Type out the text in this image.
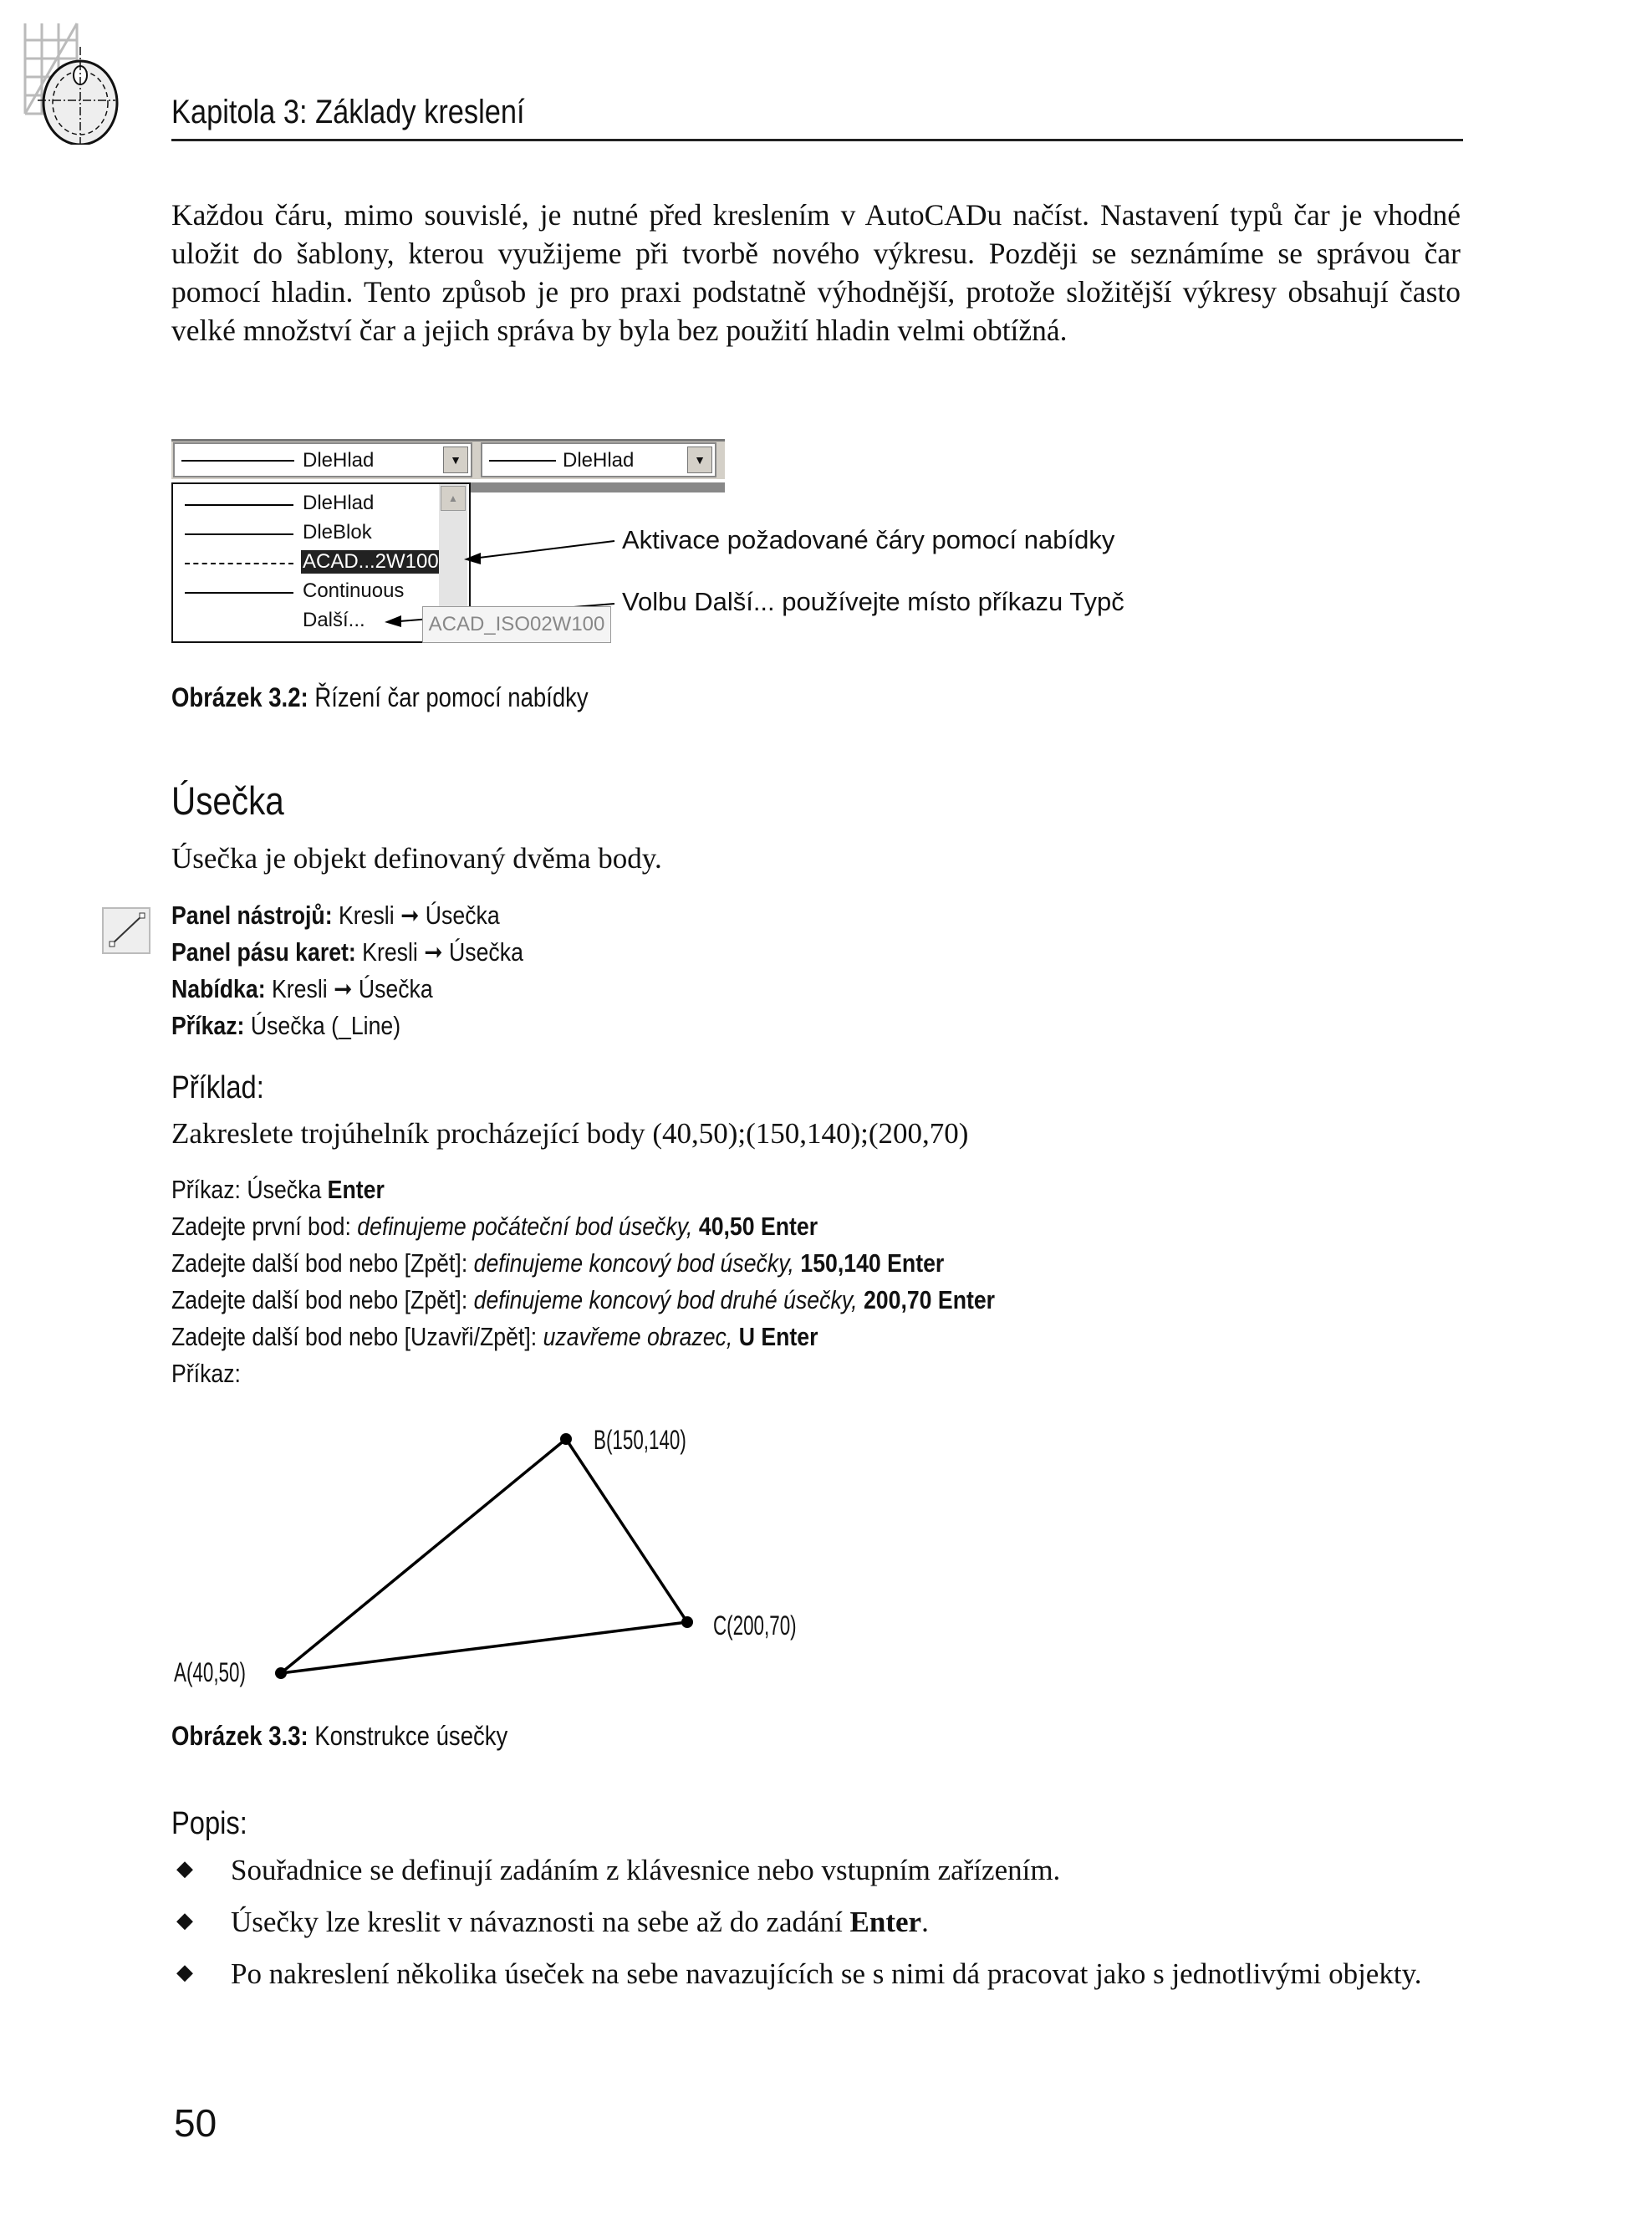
Kapitola 3: Základy kreslení
Každou čáru, mimo souvislé, je nutné před kreslením v AutoCADu načíst. Nastavení typů čar je vhodné uložit do šablony, kterou využijeme při tvorbě nového výkresu. Později se seznámíme se správou čar pomocí hladin. Tento způsob je pro praxi podstatně výhodnější, protože složitější výkresy obsahují často velké množství čar a jejich správa by byla bez použití hladin velmi obtížná.
DleHlad	▼	DleHlad	▼
DleHlad
DleBlok
ACAD...2W100
Continuous
Další...
▲
ACAD_ISO02W100
Aktivace požadované čáry pomocí nabídky
Volbu Další... používejte místo příkazu Typč
Obrázek 3.2: Řízení čar pomocí nabídky
Úsečka
Úsečka je objekt definovaný dvěma body.
Panel nástrojů: Kresli ➞ Úsečka
Panel pásu karet: Kresli ➞ Úsečka
Nabídka: Kresli ➞ Úsečka
Příkaz: Úsečka (_Line)
Příklad:
Zakreslete trojúhelník procházející body (40,50);(150,140);(200,70)
Příkaz: Úsečka Enter
Zadejte první bod: definujeme počáteční bod úsečky, 40,50 Enter
Zadejte další bod nebo [Zpět]: definujeme koncový bod úsečky, 150,140 Enter
Zadejte další bod nebo [Zpět]: definujeme koncový bod druhé úsečky, 200,70 Enter
Zadejte další bod nebo [Uzavři/Zpět]: uzavřeme obrazec, U Enter
Příkaz:
A(40,50)
B(150,140)
C(200,70)
Obrázek 3.3: Konstrukce úsečky
Popis:
◆ Souřadnice se definují zadáním z klávesnice nebo vstupním zařízením.
◆ Úsečky lze kreslit v návaznosti na sebe až do zadání Enter.
◆ Po nakreslení několika úseček na sebe navazujících se s nimi dá pracovat jako s jednotlivými objekty.
50
